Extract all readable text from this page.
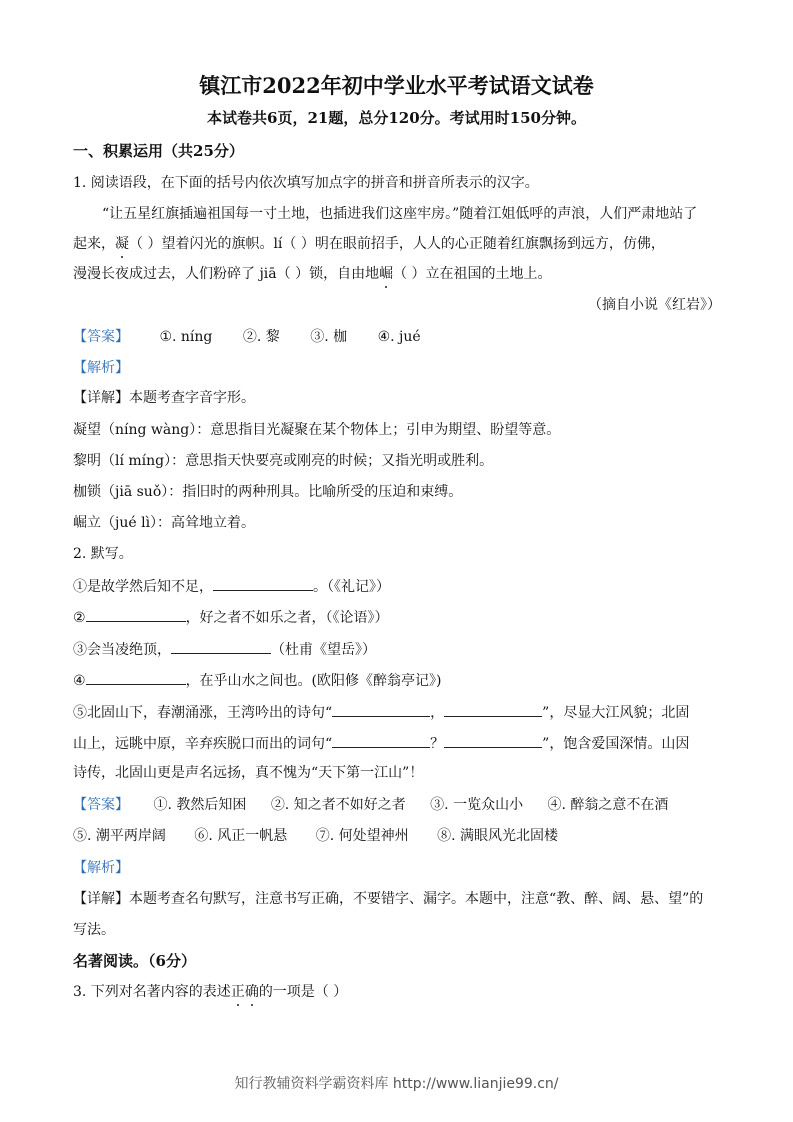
镇江市2022年初中学业水平考试语文试卷
本试卷共6页，21题，总分120分。考试用时150分钟。
一、积累运用（共25分）
1. 阅读语段，在下面的括号内依次填写加点字的拼音和拼音所表示的汉字。
“让五星红旗插遍祖国每一寸土地，也插进我们这座牢房。”随着江姐低呼的声浪，人们严肃地站了
起来，凝（ ）望着闪光的旗帜。lí（ ）明在眼前招手，人人的心正随着红旗飘扬到远方，仿佛，
漫漫长夜成过去，人们粉碎了 jiā（ ）锁，自由地崛（ ）立在祖国的土地上。
（摘自小说《红岩》）
【答案】 ①. níng ②. 黎 ③. 枷 ④. jué
【解析】
【详解】本题考查字音字形。
凝望（níng wàng）：意思指目光凝聚在某个物体上；引申为期望、盼望等意。
黎明（lí míng）：意思指天快要亮或刚亮的时候；又指光明或胜利。
枷锁（jiā suǒ）：指旧时的两种刑具。比喻所受的压迫和束缚。
崛立（jué lì）：高耸地立着。
2. 默写。
①是故学然后知不足，	。（《礼记》）
②	，好之者不如乐之者，（《论语》）
③会当凌绝顶，	（杜甫《望岳》）
④	，在乎山水之间也。(欧阳修《醉翁亭记》)
⑤北固山下，春潮涌涨，王湾吟出的诗句“	，	”，尽显大江风貌；北固
山上，远眺中原，辛弃疾脱口而出的词句“	？	”，饱含爱国深情。山因
诗传，北固山更是声名远扬，真不愧为“天下第一江山”！
【答案】 ①. 教然后知困 ②. 知之者不如好之者 ③. 一览众山小 ④. 醉翁之意不在酒
⑤. 潮平两岸阔 ⑥. 风正一帆悬 ⑦. 何处望神州 ⑧. 满眼风光北固楼
【解析】
【详解】本题考查名句默写，注意书写正确，不要错字、漏字。本题中，注意“教、醉、阔、悬、望”的
写法。
名著阅读。（6分）
3. 下列对名著内容的表述正确的一项是（ ）
知行教辅资料学霸资料库 http://www.lianjie99.cn/
